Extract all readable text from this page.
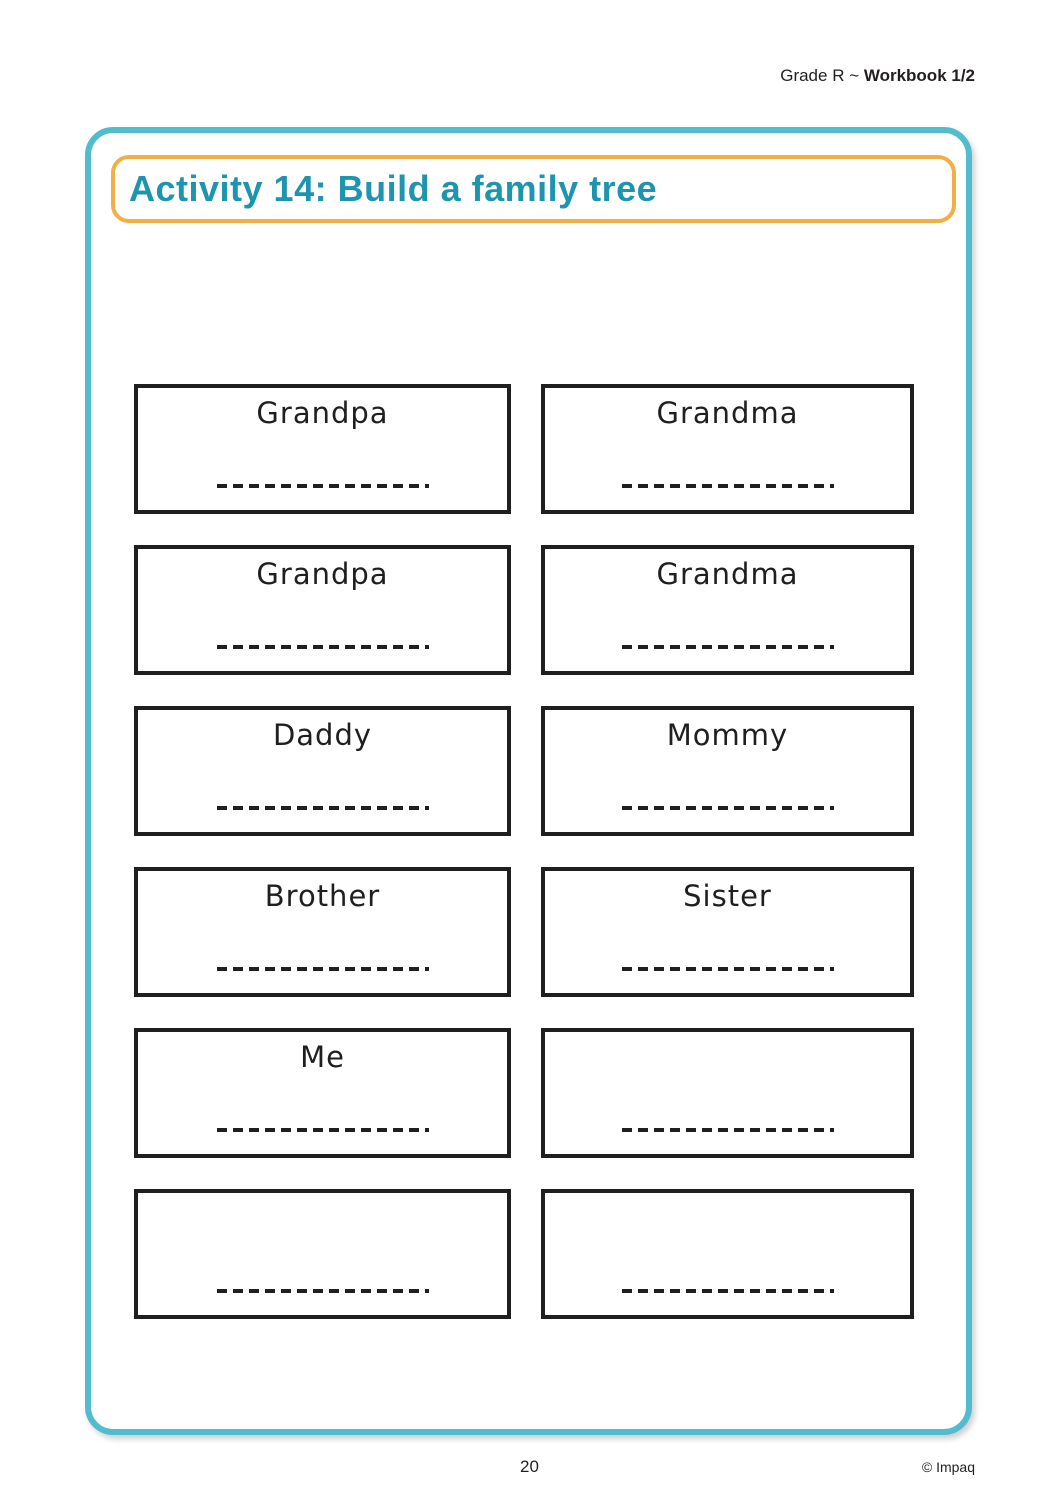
Grade R ~ Workbook 1/2
Activity 14: Build a family tree
Grandpa	Grandma
Grandpa	Grandma
Daddy	Mommy
Brother	Sister
Me
20	© Impaq
